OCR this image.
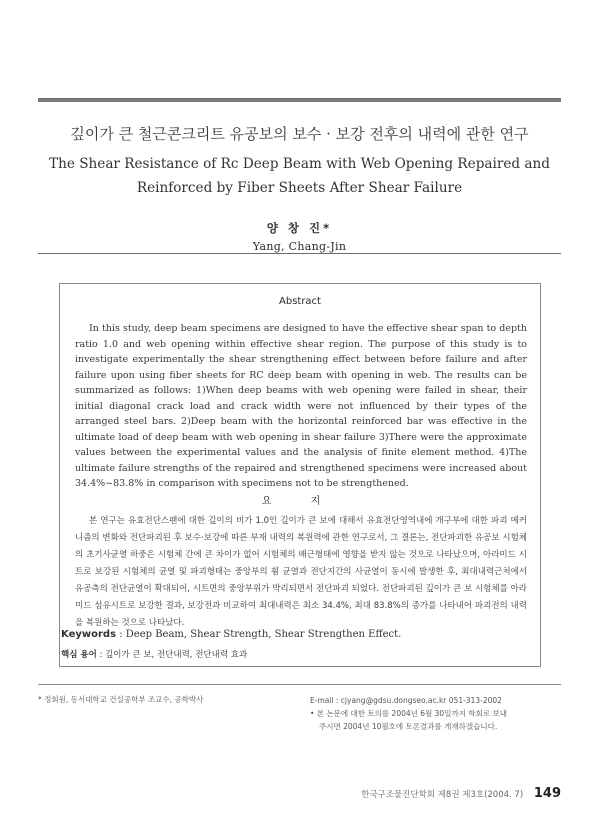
깊이가 큰 철근콘크리트 유공보의 보수 · 보강 전후의 내력에 관한 연구
The Shear Resistance of Rc Deep Beam with Web Opening Repaired and
Reinforced by Fiber Sheets After Shear Failure
양 창 진*
Yang, Chang-Jin
Abstract

In this study, deep beam specimens are designed to have the effective shear span to depth ratio 1.0 and web opening within effective shear region. The purpose of this study is to investigate experimentally the shear strengthening effect between before failure and after failure upon using fiber sheets for RC deep beam with opening in web. The results can be summarized as follows: 1)When deep beams with web opening were failed in shear, their initial diagonal crack load and crack width were not influenced by their types of the arranged steel bars. 2)Deep beam with the horizontal reinforced bar was effective in the ultimate load of deep beam with web opening in shear failure 3)There were the approximate values between the experimental values and the analysis of finite element method. 4)The ultimate failure strengths of the repaired and strengthened specimens were increased about 34.4%~83.8% in comparison with specimens not to be strengthened.

요 지

본 연구는 유효전단스팬에 대한 깊이의 비가 1.0인 깊이가 큰 보에 대해서 유효전단영역내에 개구부에 대한 파괴 메커니즘의 변화와 전단파괴된 후 보수·보강에 따른 부재 내력의 복원력에 관한 연구로서, 그 결론는, 전단파괴한 유공보 시험체의 초기사균열 하중은 시험체 간에 큰 차이가 없어 시험체의 배근형태에 영향을 받지 않는 것으로 나타났으며, 아라미드 시트로 보강된 시험체의 균열 및 파괴형태는 중앙부의 휨 균열과 전단지간의 사균열이 동시에 발생한 후, 최대내력근처에서 유공측의 전단균열이 확대되어, 시트면의 중앙부위가 박리되면서 전단파괴 되었다. 전단파괴된 깊이가 큰 보 시험체를 아라미드 섬유시트로 보강한 결과, 보강전과 비교하여 최대내력은 최소 34.4%, 최대 83.8%의 증가를 나타내어 파괴전의 내력을 복원하는 것으로 나타났다.

Keywords : Deep Beam, Shear Strength, Shear Strengthen Effect.
핵심 용어 : 깊이가 큰 보, 전단내력, 전단내력 효과
* 정회원, 동서대학교 건설공학부 조교수, 공학박사	E-mail : cjyang@gdsu.dongseo.ac.kr 051-313-2002
• 본 논문에 대한 토의를 2004년 6월 30일까지 학회로 보내
주시면 2004년 10월호에 토론결과를 게재하겠습니다.
한국구조물진단학회 제8권 제3호(2004. 7) 149
